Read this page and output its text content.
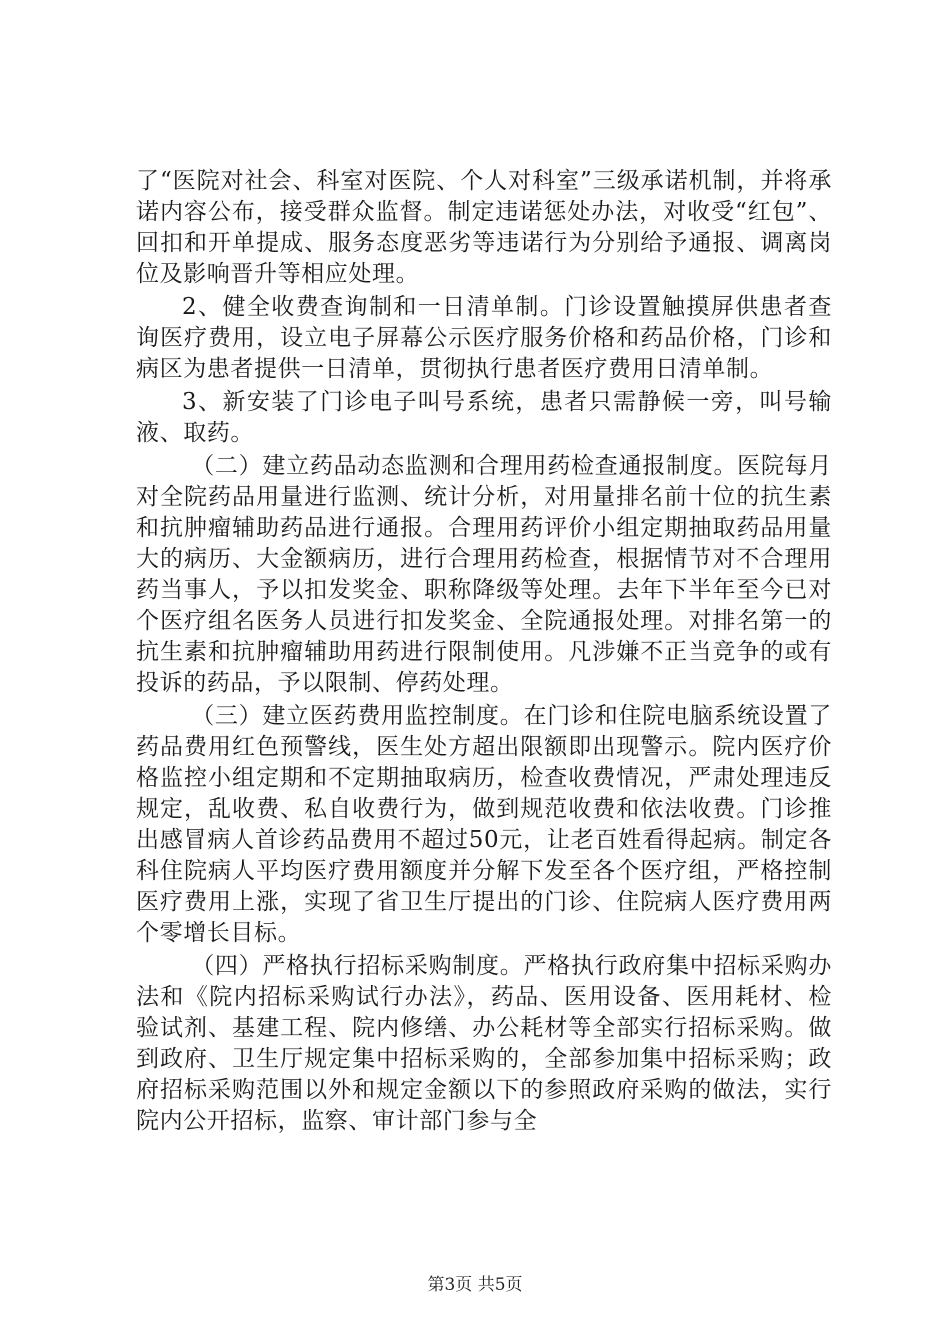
了“医院对社会、科室对医院、个人对科室”三级承诺机制，并将承诺内容公布，接受群众监督。制定违诺惩处办法，对收受“红包”、回扣和开单提成、服务态度恶劣等违诺行为分别给予通报、调离岗位及影响晋升等相应处理。

2、健全收费查询制和一日清单制。门诊设置触摸屏供患者查询医疗费用，设立电子屏幕公示医疗服务价格和药品价格，门诊和病区为患者提供一日清单，贯彻执行患者医疗费用日清单制。

3、新安装了门诊电子叫号系统，患者只需静候一旁，叫号输液、取药。

（二）建立药品动态监测和合理用药检查通报制度。医院每月对全院药品用量进行监测、统计分析，对用量排名前十位的抗生素和抗肿瘤辅助药品进行通报。合理用药评价小组定期抽取药品用量大的病历、大金额病历，进行合理用药检查，根据情节对不合理用药当事人，予以扣发奖金、职称降级等处理。去年下半年至今已对个医疗组名医务人员进行扣发奖金、全院通报处理。对排名第一的抗生素和抗肿瘤辅助用药进行限制使用。凡涉嫌不正当竞争的或有投诉的药品，予以限制、停药处理。

（三）建立医药费用监控制度。在门诊和住院电脑系统设置了药品费用红色预警线，医生处方超出限额即出现警示。院内医疗价格监控小组定期和不定期抽取病历，检查收费情况，严肃处理违反规定，乱收费、私自收费行为，做到规范收费和依法收费。门诊推出感冒病人首诊药品费用不超过50元，让老百姓看得起病。制定各科住院病人平均医疗费用额度并分解下发至各个医疗组，严格控制医疗费用上涨，实现了省卫生厅提出的门诊、住院病人医疗费用两个零增长目标。

（四）严格执行招标采购制度。严格执行政府集中招标采购办法和《院内招标采购试行办法》，药品、医用设备、医用耗材、检验试剂、基建工程、院内修缮、办公耗材等全部实行招标采购。做到政府、卫生厅规定集中招标采购的，全部参加集中招标采购；政府招标采购范围以外和规定金额以下的参照政府采购的做法，实行院内公开招标，监察、审计部门参与全

第3页 共5页
